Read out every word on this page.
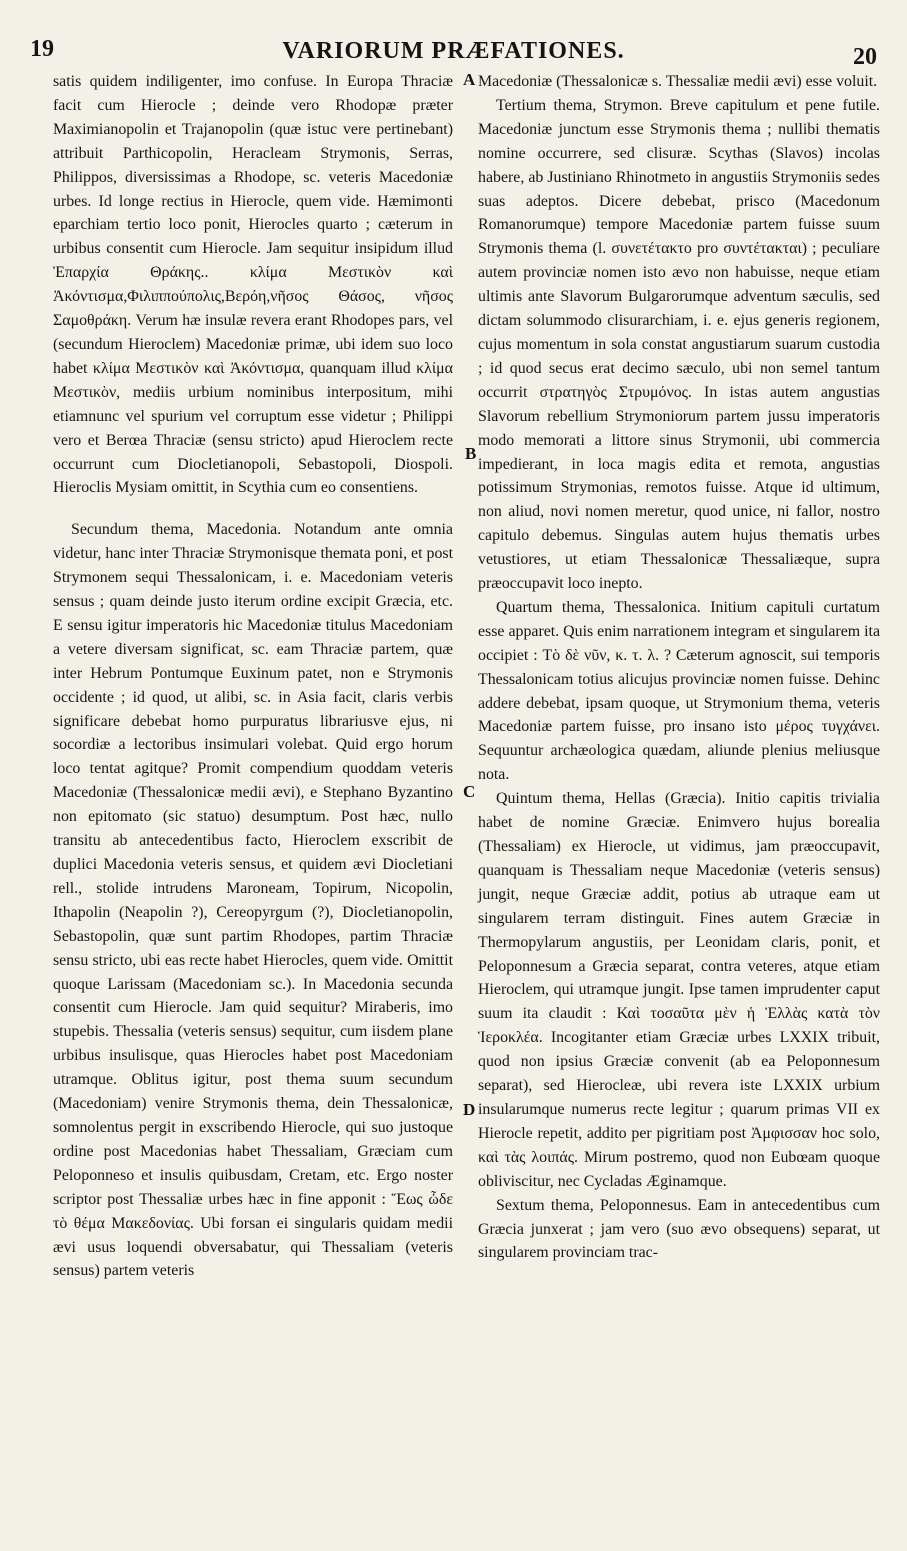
19	VARIORUM PRÆFATIONES.	20

satis quidem indiligenter, imo confuse. In Europa Thraciæ facit cum Hierocle ; deinde vero Rhodopæ præter Maximianopolin et Trajanopolin (quæ istuc vere pertinebant) attribuit Parthicopolin, Heracleam Strymonis, Serras, Philippos, diversissimas a Rhodope, sc. veteris Macedoniæ urbes. Id longe rectius in Hierocle, quem vide. Hæmimonti eparchiam tertio loco ponit, Hierocles quarto ; cæterum in urbibus consentit cum Hierocle. Jam sequitur insipidum illud Ἐπαρχία Θράκης.. κλίμα Μεστικὸν καὶ Ἀκόντισμα,Φιλιππούπολις,Βερόη,νῆσος Θάσος, νῆσος Σαμοθράκη. Verum hæ insulæ revera erant Rhodopes pars, vel (secundum Hieroclem) Macedoniæ primæ, ubi idem suo loco habet κλίμα Μεστικὸν καὶ Ἀκόντισμα, quanquam illud κλίμα Μεστικὸν, mediis urbium nominibus interpositum, mihi etiamnunc vel spurium vel corruptum esse videtur ; Philippi vero et Berœa Thraciæ (sensu stricto) apud Hieroclem recte occurrunt cum Diocletianopoli, Sebastopoli, Diospoli. Hieroclis Mysiam omittit, in Scythia cum eo consentiens.

Secundum thema, Macedonia. Notandum ante omnia videtur, hanc inter Thraciæ Strymonisque themata poni, et post Strymonem sequi Thessalonicam, i. e. Macedoniam veteris sensus ; quam deinde justo iterum ordine excipit Græcia, etc. E sensu igitur imperatoris hic Macedoniæ titulus Macedoniam a vetere diversam significat, sc. eam Thraciæ partem, quæ inter Hebrum Pontumque Euxinum patet, non e Strymonis occidente ; id quod, ut alibi, sc. in Asia facit, claris verbis significare debebat homo purpuratus librariusve ejus, ni socordiæ a lectoribus insimulari volebat. Quid ergo horum loco tentat agitque? Promit compendium quoddam veteris Macedoniæ (Thessalonicæ medii ævi), e Stephano Byzantino non epitomato (sic statuo) desumptum. Post hæc, nullo transitu ab antecedentibus facto, Hieroclem exscribit de duplici Macedonia veteris sensus, et quidem ævi Diocletiani rell., stolide intrudens Maroneam, Topirum, Nicopolin, Ithapolin (Neapolin ?), Cereopyrgum (?), Diocletianopolin, Sebastopolin, quæ sunt partim Rhodopes, partim Thraciæ sensu stricto, ubi eas recte habet Hierocles, quem vide. Omittit quoque Larissam (Macedoniam sc.). In Macedonia secunda consentit cum Hierocle. Jam quid sequitur? Miraberis, imo stupebis. Thessalia (veteris sensus) sequitur, cum iisdem plane urbibus insulisque, quas Hierocles habet post Macedoniam utramque. Oblitus igitur, post thema suum secundum (Macedoniam) venire Strymonis thema, dein Thessalonicæ, somnolentus pergit in exscribendo Hierocle, qui suo justoque ordine post Macedonias habet Thessaliam, Græciam cum Peloponneso et insulis quibusdam, Cretam, etc. Ergo noster scriptor post Thessaliæ urbes hæc in fine apponit : Ἕως ὧδε τὸ θέμα Μακεδονίας. Ubi forsan ei singularis quidam medii ævi usus loquendi obversabatur, qui Thessaliam (veteris sensus) partem veteris

Macedoniæ (Thessalonicæ s. Thessaliæ medii ævi) esse voluit.

Tertium thema, Strymon. Breve capitulum et pene futile. Macedoniæ junctum esse Strymonis thema ; nullibi thematis nomine occurrere, sed clisuræ. Scythas (Slavos) incolas habere, ab Justiniano Rhinotmeto in angustiis Strymoniis sedes suas adeptos. Dicere debebat, prisco (Macedonum Romanorumque) tempore Macedoniæ partem fuisse suum Strymonis thema (l. συνετέτακτο pro συντέτακται) ; peculiare autem provinciæ nomen isto ævo non habuisse, neque etiam ultimis ante Slavorum Bulgarorumque adventum sæculis, sed dictam solummodo clisurarchiam, i. e. ejus generis regionem, cujus momentum in sola constat angustiarum suarum custodia ; id quod secus erat decimo sæculo, ubi non semel tantum occurrit στρατηγὸς Στρυμόνος. In istas autem angustias Slavorum rebellium Strymoniorum partem jussu imperatoris modo memorati a littore sinus Strymonii, ubi commercia impedierant, in loca magis edita et remota, angustias potissimum Strymonias, remotos fuisse. Atque id ultimum, non aliud, novi nomen meretur, quod unice, ni fallor, nostro capitulo debemus. Singulas autem hujus thematis urbes vetustiores, ut etiam Thessalonicæ Thessaliæque, supra præoccupavit loco inepto.

Quartum thema, Thessalonica. Initium capituli curtatum esse apparet. Quis enim narrationem integram et singularem ita occipiet : Τὸ δὲ νῦν, κ. τ. λ. ? Cæterum agnoscit, sui temporis Thessalonicam totius alicujus provinciæ nomen fuisse. Dehinc addere debebat, ipsam quoque, ut Strymonium thema, veteris Macedoniæ partem fuisse, pro insano isto μέρος τυγχάνει. Sequuntur archæologica quædam, aliunde plenius meliusque nota.

Quintum thema, Hellas (Græcia). Initio capitis trivialia habet de nomine Græciæ. Enimvero hujus borealia (Thessaliam) ex Hierocle, ut vidimus, jam præoccupavit, quanquam is Thessaliam neque Macedoniæ (veteris sensus) jungit, neque Græciæ addit, potius ab utraque eam ut singularem terram distinguit. Fines autem Græciæ in Thermopylarum angustiis, per Leonidam claris, ponit, et Peloponnesum a Græcia separat, contra veteres, atque etiam Hieroclem, qui utramque jungit. Ipse tamen imprudenter caput suum ita claudit : Καὶ τοσαῦτα μὲν ἡ Ἑλλὰς κατὰ τὸν Ἱεροκλέα. Incogitanter etiam Græciæ urbes LXXIX tribuit, quod non ipsius Græciæ convenit (ab ea Peloponnesum separat), sed Hierocleæ, ubi revera iste LXXIX urbium insularumque numerus recte legitur ; quarum primas VII ex Hierocle repetit, addito per pigritiam post Ἀμφισσαν hoc solo, καὶ τὰς λοιπάς. Mirum postremo, quod non Eubœam quoque obliviscitur, nec Cycladas Æginamque.

Sextum thema, Peloponnesus. Eam in antecedentibus cum Græcia junxerat ; jam vero (suo ævo obsequens) separat, ut singularem provinciam trac-

A
B
C
D
